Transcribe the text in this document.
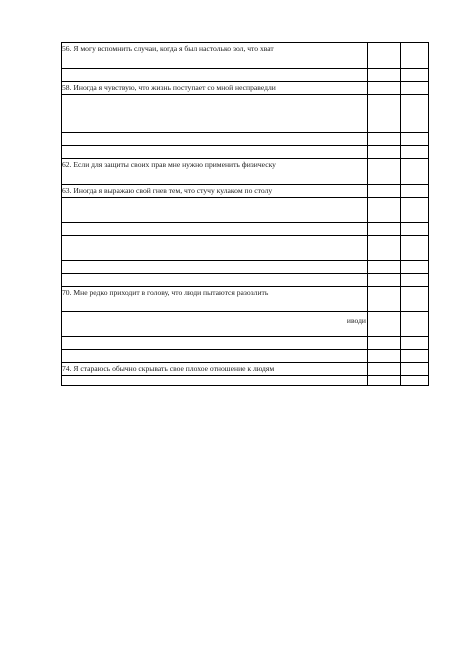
56. Я могу вспомнить случаи, когда я был настолько зол, что хват		

58. Иногда я чувствую, что жизнь поступает со мной несправедли		

62. Если для защиты своих прав мне нужно применить физическу		

63. Иногда я выражаю свой гнев тем, что стучу кулаком по столу		

70. Мне редко приходит в голову, что люди пытаются разозлить		

иводи		

74. Я стараюсь обычно скрывать свое плохое отношение к людям		
